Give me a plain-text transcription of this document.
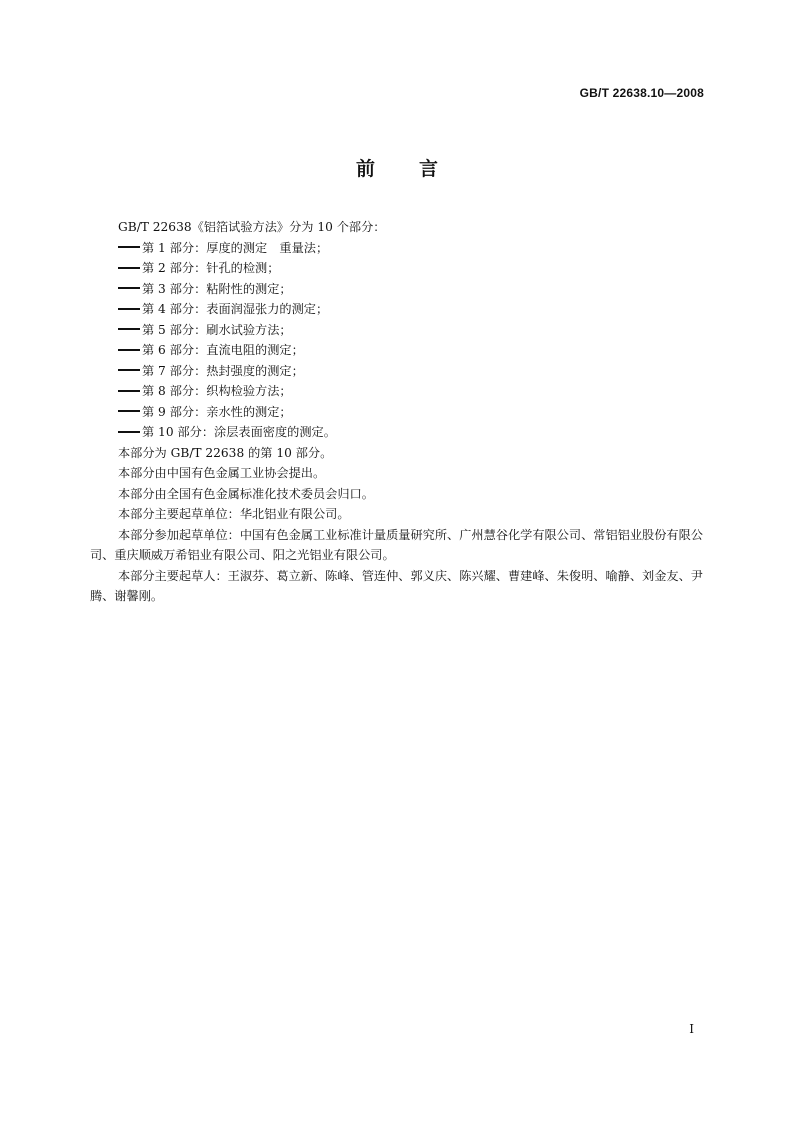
GB/T 22638.10—2008
前言
GB/T 22638《铝箔试验方法》分为 10 个部分：
第 1 部分：厚度的测定　重量法；
第 2 部分：针孔的检测；
第 3 部分：粘附性的测定；
第 4 部分：表面润湿张力的测定；
第 5 部分：刷水试验方法；
第 6 部分：直流电阻的测定；
第 7 部分：热封强度的测定；
第 8 部分：织构检验方法；
第 9 部分：亲水性的测定；
第 10 部分：涂层表面密度的测定。
本部分为 GB/T 22638 的第 10 部分。
本部分由中国有色金属工业协会提出。
本部分由全国有色金属标准化技术委员会归口。
本部分主要起草单位：华北铝业有限公司。
本部分参加起草单位：中国有色金属工业标准计量质量研究所、广州慧谷化学有限公司、常铝铝业股份有限公司、重庆顺威万希铝业有限公司、阳之光铝业有限公司。
本部分主要起草人：王淑芬、葛立新、陈峰、管连仲、郭义庆、陈兴耀、曹建峰、朱俊明、喻静、刘金友、尹腾、谢馨刚。
I
